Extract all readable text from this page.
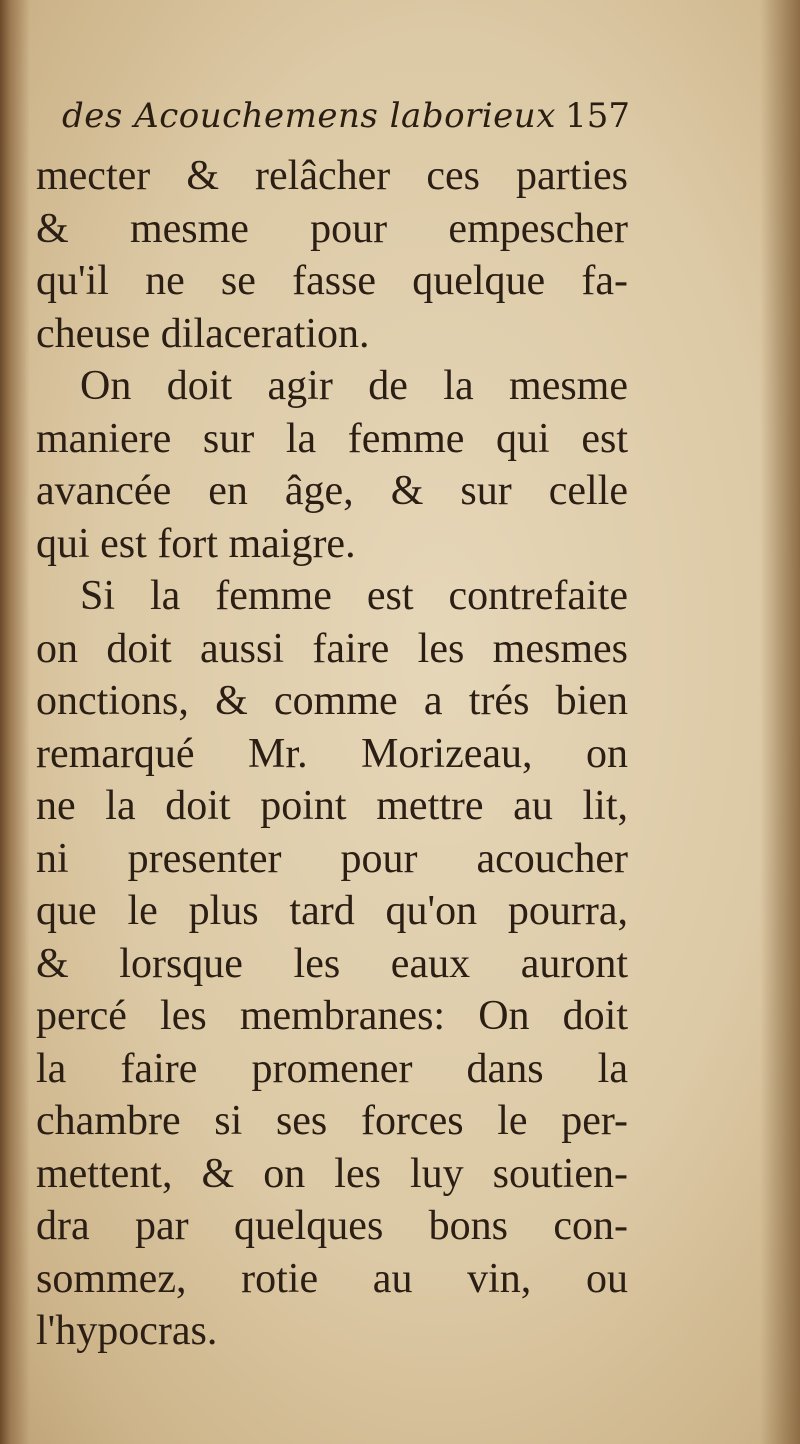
des Acouchemens laborieux 157
mecter & relâcher ces parties
& mesme pour empescher
qu'il ne se fasse quelque fa-
cheuse dilaceration.
On doit agir de la mesme
maniere sur la femme qui est
avancée en âge, & sur celle
qui est fort maigre.
Si la femme est contrefaite
on doit aussi faire les mesmes
onctions, & comme a trés bien
remarqué Mr. Morizeau, on
ne la doit point mettre au lit,
ni presenter pour acoucher
que le plus tard qu'on pourra,
& lorsque les eaux auront
percé les membranes: On doit
la faire promener dans la
chambre si ses forces le per-
mettent, & on les luy soutien-
dra par quelques bons con-
sommez, rotie au vin, ou
l'hypocras.
